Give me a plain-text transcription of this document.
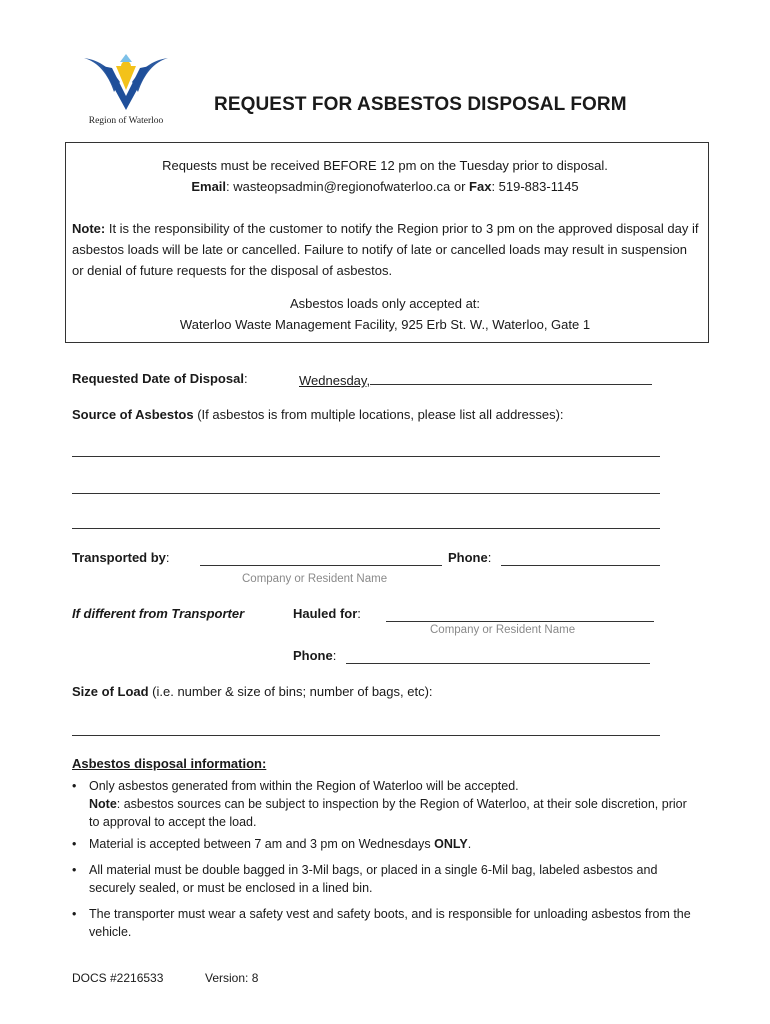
Region of Waterloo
REQUEST FOR ASBESTOS DISPOSAL FORM
Requests must be received BEFORE 12 pm on the Tuesday prior to disposal.
Email: wasteopsadmin@regionofwaterloo.ca or Fax: 519-883-1145
Note: It is the responsibility of the customer to notify the Region prior to 3 pm on the approved disposal day if asbestos loads will be late or cancelled. Failure to notify of late or cancelled loads may result in suspension or denial of future requests for the disposal of asbestos.
Asbestos loads only accepted at:
Waterloo Waste Management Facility, 925 Erb St. W., Waterloo, Gate 1
Requested Date of Disposal:	Wednesday,
Source of Asbestos (If asbestos is from multiple locations, please list all addresses):
Transported by:	Phone:
Company or Resident Name
If different from Transporter	Hauled for:
Company or Resident Name
Phone:
Size of Load (i.e. number & size of bins; number of bags, etc):
Asbestos disposal information:
• Only asbestos generated from within the Region of Waterloo will be accepted.
Note: asbestos sources can be subject to inspection by the Region of Waterloo, at their sole discretion, prior to approval to accept the load.
• Material is accepted between 7 am and 3 pm on Wednesdays ONLY.
• All material must be double bagged in 3-Mil bags, or placed in a single 6-Mil bag, labeled asbestos and securely sealed, or must be enclosed in a lined bin.
• The transporter must wear a safety vest and safety boots, and is responsible for unloading asbestos from the vehicle.
DOCS #2216533	Version: 8
